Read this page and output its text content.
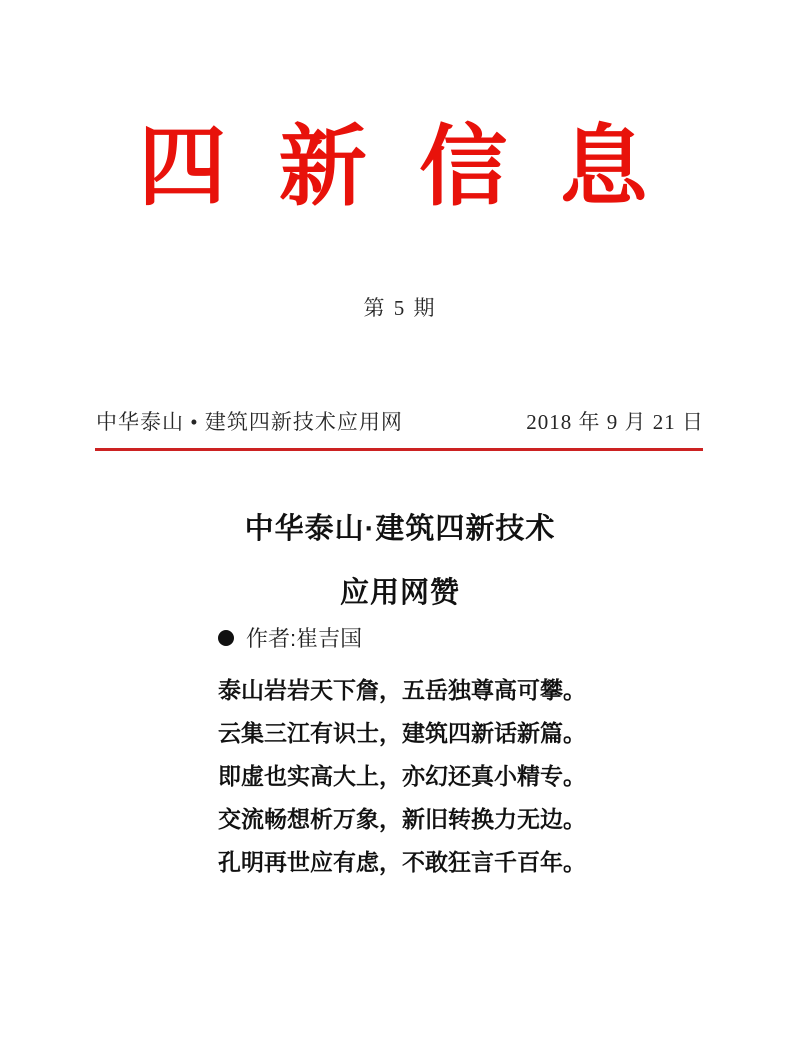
四 新 信 息
第 5 期
中华泰山 • 建筑四新技术应用网	2018 年 9 月 21 日
中华泰山·建筑四新技术
应用网赞
作者:崔吉国
泰山岩岩天下詹，五岳独尊高可攀。
云集三江有识士，建筑四新话新篇。
即虚也实高大上，亦幻还真小精专。
交流畅想析万象，新旧转换力无边。
孔明再世应有虑，不敢狂言千百年。
